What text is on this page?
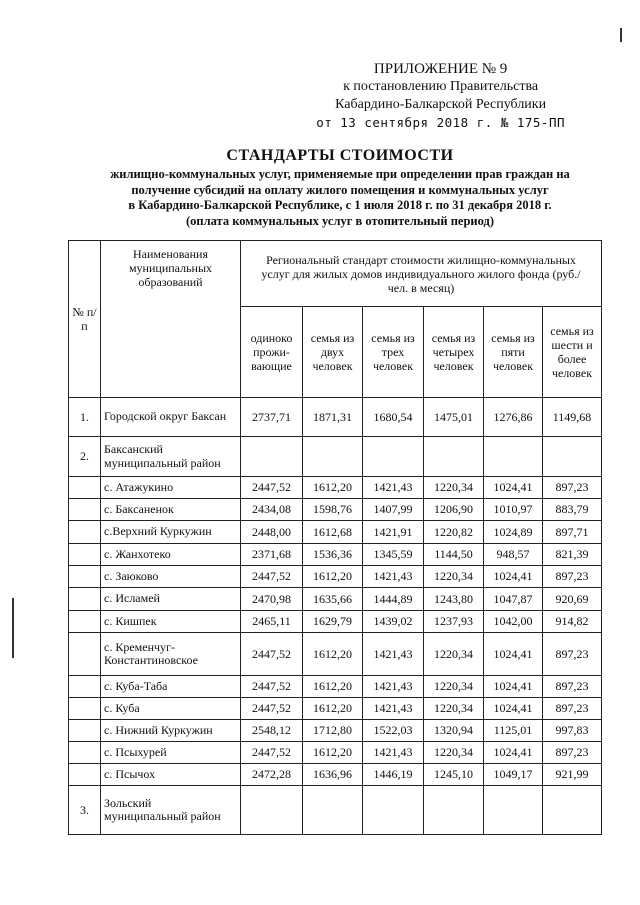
ПРИЛОЖЕНИЕ № 9
к постановлению Правительства
Кабардино-Балкарской Республики
от 13 сентября 2018 г. № 175-ПП
СТАНДАРТЫ СТОИМОСТИ
жилищно-коммунальных услуг, применяемые при определении прав граждан на
получение субсидий на оплату жилого помещения и коммунальных услуг
в Кабардино-Балкарской Республике, с 1 июля 2018 г. по 31 декабря 2018 г.
(оплата коммунальных услуг в отопительный период)
№ п/п	Наименования муниципальных образований	Региональный стандарт стоимости жилищно-коммунальных услуг для жилых домов индивидуального жилого фонда (руб./чел. в месяц)					
		одиноко прожи-вающие	семья из двух человек	семья из трех человек	семья из четырех человек	семья из пяти человек	семья из шести и более человек
1.	Городской округ Баксан	2737,71	1871,31	1680,54	1475,01	1276,86	1149,68
2.	Баксанский муниципальный район						
	с. Атажукино	2447,52	1612,20	1421,43	1220,34	1024,41	897,23
	с. Баксаненок	2434,08	1598,76	1407,99	1206,90	1010,97	883,79
	с.Верхний Куркужин	2448,00	1612,68	1421,91	1220,82	1024,89	897,71
	с. Жанхотеко	2371,68	1536,36	1345,59	1144,50	948,57	821,39
	с. Заюково	2447,52	1612,20	1421,43	1220,34	1024,41	897,23
	с. Исламей	2470,98	1635,66	1444,89	1243,80	1047,87	920,69
	с. Кишпек	2465,11	1629,79	1439,02	1237,93	1042,00	914,82
	с. Кременчуг-Константиновское	2447,52	1612,20	1421,43	1220,34	1024,41	897,23
	с. Куба-Таба	2447,52	1612,20	1421,43	1220,34	1024,41	897,23
	с. Куба	2447,52	1612,20	1421,43	1220,34	1024,41	897,23
	с. Нижний Куркужин	2548,12	1712,80	1522,03	1320,94	1125,01	997,83
	с. Псыхурей	2447,52	1612,20	1421,43	1220,34	1024,41	897,23
	с. Псычох	2472,28	1636,96	1446,19	1245,10	1049,17	921,99
3.	Зольский муниципальный район						
